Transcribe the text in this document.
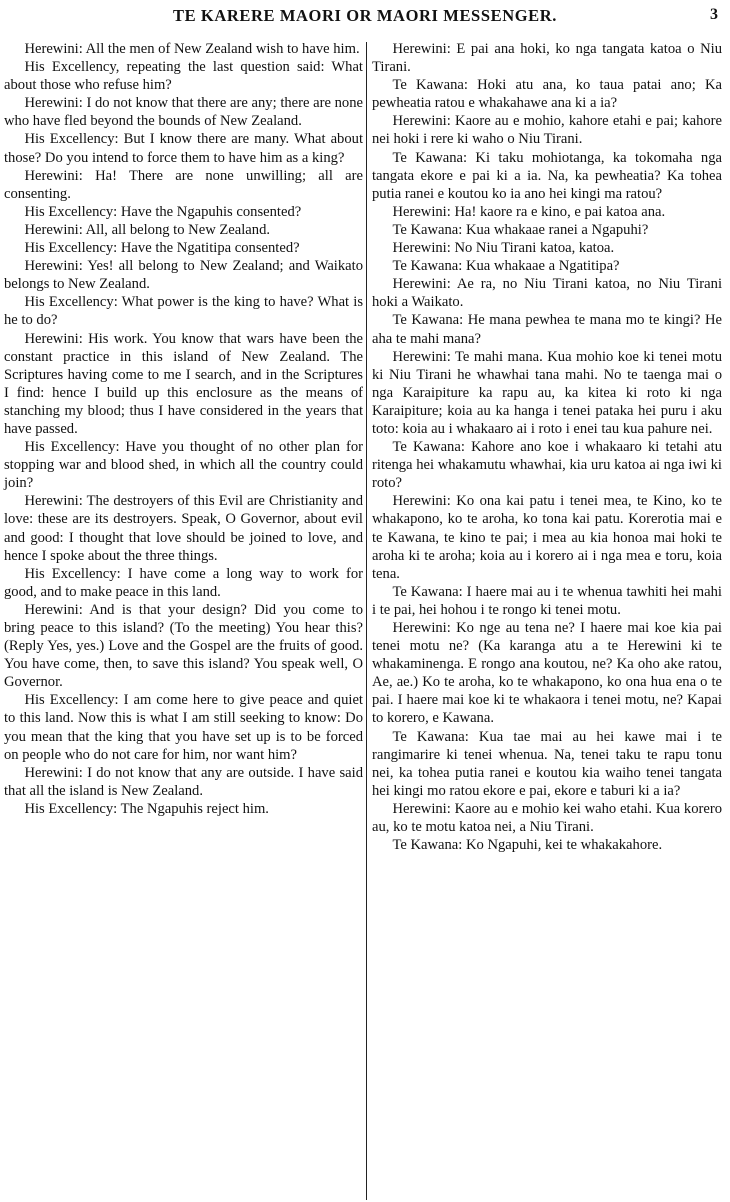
TE KARERE MAORI OR MAORI MESSENGER.	3

Herewini: All the men of New Zealand wish to have him.

His Excellency, repeating the last question said: What about those who refuse him?

Herewini: I do not know that there are any; there are none who have fled beyond the bounds of New Zealand.

His Excellency: But I know there are many. What about those? Do you intend to force them to have him as a king?

Herewini: Ha! There are none unwilling; all are consenting.

His Excellency: Have the Ngapuhis consented?

Herewini: All, all belong to New Zealand.

His Excellency: Have the Ngatitipa consented?

Herewini: Yes! all belong to New Zealand; and Waikato belongs to New Zealand.

His Excellency: What power is the king to have? What is he to do?

Herewini: His work. You know that wars have been the constant practice in this island of New Zealand. The Scriptures having come to me I search, and in the Scriptures I find: hence I build up this enclosure as the means of stanching my blood; thus I have considered in the years that have passed.

His Excellency: Have you thought of no other plan for stopping war and blood shed, in which all the country could join?

Herewini: The destroyers of this Evil are Christianity and love: these are its destroyers. Speak, O Governor, about evil and good: I thought that love should be joined to love, and hence I spoke about the three things.

His Excellency: I have come a long way to work for good, and to make peace in this land.

Herewini: And is that your design? Did you come to bring peace to this island? (To the meeting) You hear this? (Reply Yes, yes.) Love and the Gospel are the fruits of good. You have come, then, to save this island? You speak well, O Governor.

His Excellency: I am come here to give peace and quiet to this land. Now this is what I am still seeking to know: Do you mean that the king that you have set up is to be forced on people who do not care for him, nor want him?

Herewini: I do not know that any are outside. I have said that all the island is New Zealand.

His Excellency: The Ngapuhis reject him.

Herewini: E pai ana hoki, ko nga tangata katoa o Niu Tirani.

Te Kawana: Hoki atu ana, ko taua patai ano; Ka pewheatia ratou e whakahawe ana ki a ia?

Herewini: Kaore au e mohio, kahore etahi e pai; kahore nei hoki i rere ki waho o Niu Tirani.

Te Kawana: Ki taku mohiotanga, ka tokomaha nga tangata ekore e pai ki a ia. Na, ka pewheatia? Ka tohea putia ranei e koutou ko ia ano hei kingi ma ratou?

Herewini: Ha! kaore ra e kino, e pai katoa ana.

Te Kawana: Kua whakaae ranei a Ngapuhi?

Herewini: No Niu Tirani katoa, katoa.

Te Kawana: Kua whakaae a Ngatitipa?

Herewini: Ae ra, no Niu Tirani katoa, no Niu Tirani hoki a Waikato.

Te Kawana: He mana pewhea te mana mo te kingi? He aha te mahi mana?

Herewini: Te mahi mana. Kua mohio koe ki tenei motu ki Niu Tirani he whawhai tana mahi. No te taenga mai o nga Karaipiture ka rapu au, ka kitea ki roto ki nga Karaipiture; koia au ka hanga i tenei pataka hei puru i aku toto: koia au i whakaaro ai i roto i enei tau kua pahure nei.

Te Kawana: Kahore ano koe i whakaaro ki tetahi atu ritenga hei whakamutu whawhai, kia uru katoa ai nga iwi ki roto?

Herewini: Ko ona kai patu i tenei mea, te Kino, ko te whakapono, ko te aroha, ko tona kai patu. Korerotia mai e te Kawana, te kino te pai; i mea au kia honoa mai hoki te aroha ki te aroha; koia au i korero ai i nga mea e toru, koia tena.

Te Kawana: I haere mai au i te whenua tawhiti hei mahi i te pai, hei hohou i te rongo ki tenei motu.

Herewini: Ko nge au tena ne? I haere mai koe kia pai tenei motu ne? (Ka karanga atu a te Herewini ki te whakaminenga. E rongo ana koutou, ne? Ka oho ake ratou, Ae, ae.) Ko te aroha, ko te whakapono, ko ona hua ena o te pai. I haere mai koe ki te whakaora i tenei motu, ne? Kapai to korero, e Kawana.

Te Kawana: Kua tae mai au hei kawe mai i te rangimarire ki tenei whenua. Na, tenei taku te rapu tonu nei, ka tohea putia ranei e koutou kia waiho tenei tangata hei kingi mo ratou ekore e pai, ekore e taburi ki a ia?

Herewini: Kaore au e mohio kei waho etahi. Kua korero au, ko te motu katoa nei, a Niu Tirani.

Te Kawana: Ko Ngapuhi, kei te whakakahore.
